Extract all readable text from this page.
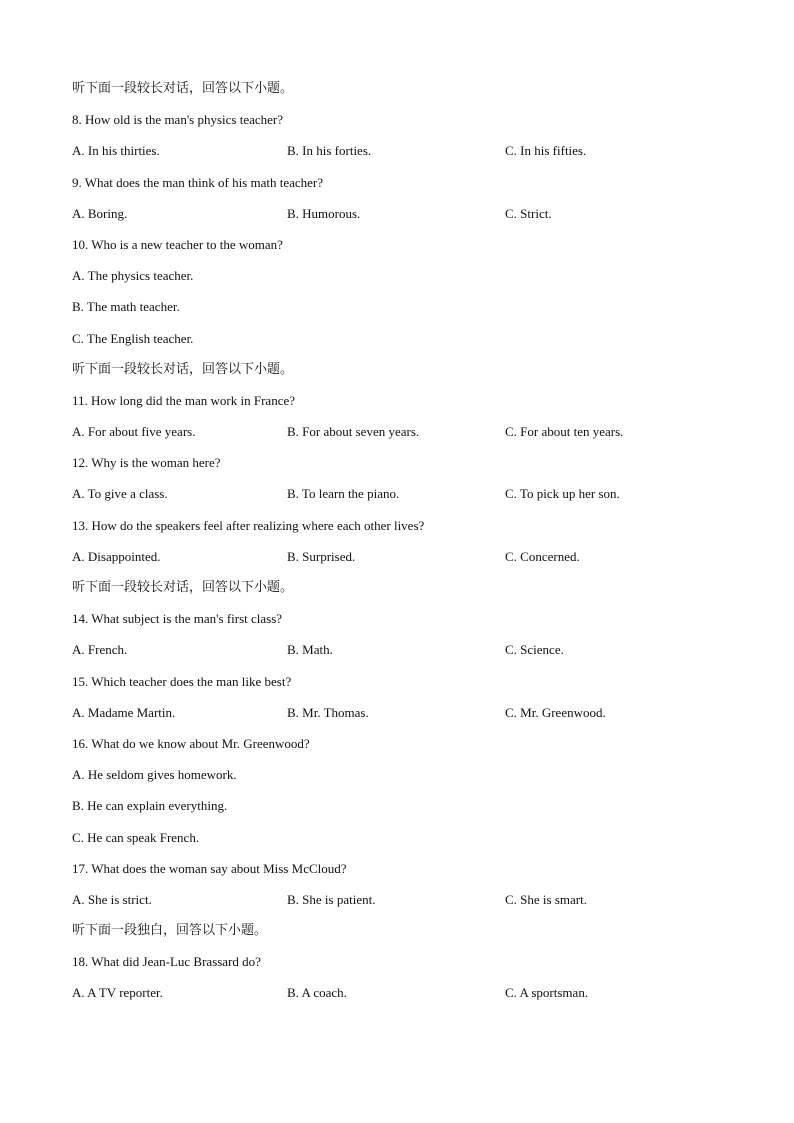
听下面一段较长对话，回答以下小题。
8. How old is the man's physics teacher?
A. In his thirties.	B. In his forties.	C. In his fifties.
9. What does the man think of his math teacher?
A. Boring.	B. Humorous.	C. Strict.
10. Who is a new teacher to the woman?
A. The physics teacher.
B. The math teacher.
C. The English teacher.
听下面一段较长对话，回答以下小题。
11. How long did the man work in France?
A. For about five years.	B. For about seven years.	C. For about ten years.
12. Why is the woman here?
A. To give a class.	B. To learn the piano.	C. To pick up her son.
13. How do the speakers feel after realizing where each other lives?
A. Disappointed.	B. Surprised.	C. Concerned.
听下面一段较长对话，回答以下小题。
14. What subject is the man's first class?
A. French.	B. Math.	C. Science.
15. Which teacher does the man like best?
A. Madame Martin.	B. Mr. Thomas.	C. Mr. Greenwood.
16. What do we know about Mr. Greenwood?
A. He seldom gives homework.
B. He can explain everything.
C. He can speak French.
17. What does the woman say about Miss McCloud?
A. She is strict.	B. She is patient.	C. She is smart.
听下面一段独白，回答以下小题。
18. What did Jean-Luc Brassard do?
A. A TV reporter.	B. A coach.	C. A sportsman.
